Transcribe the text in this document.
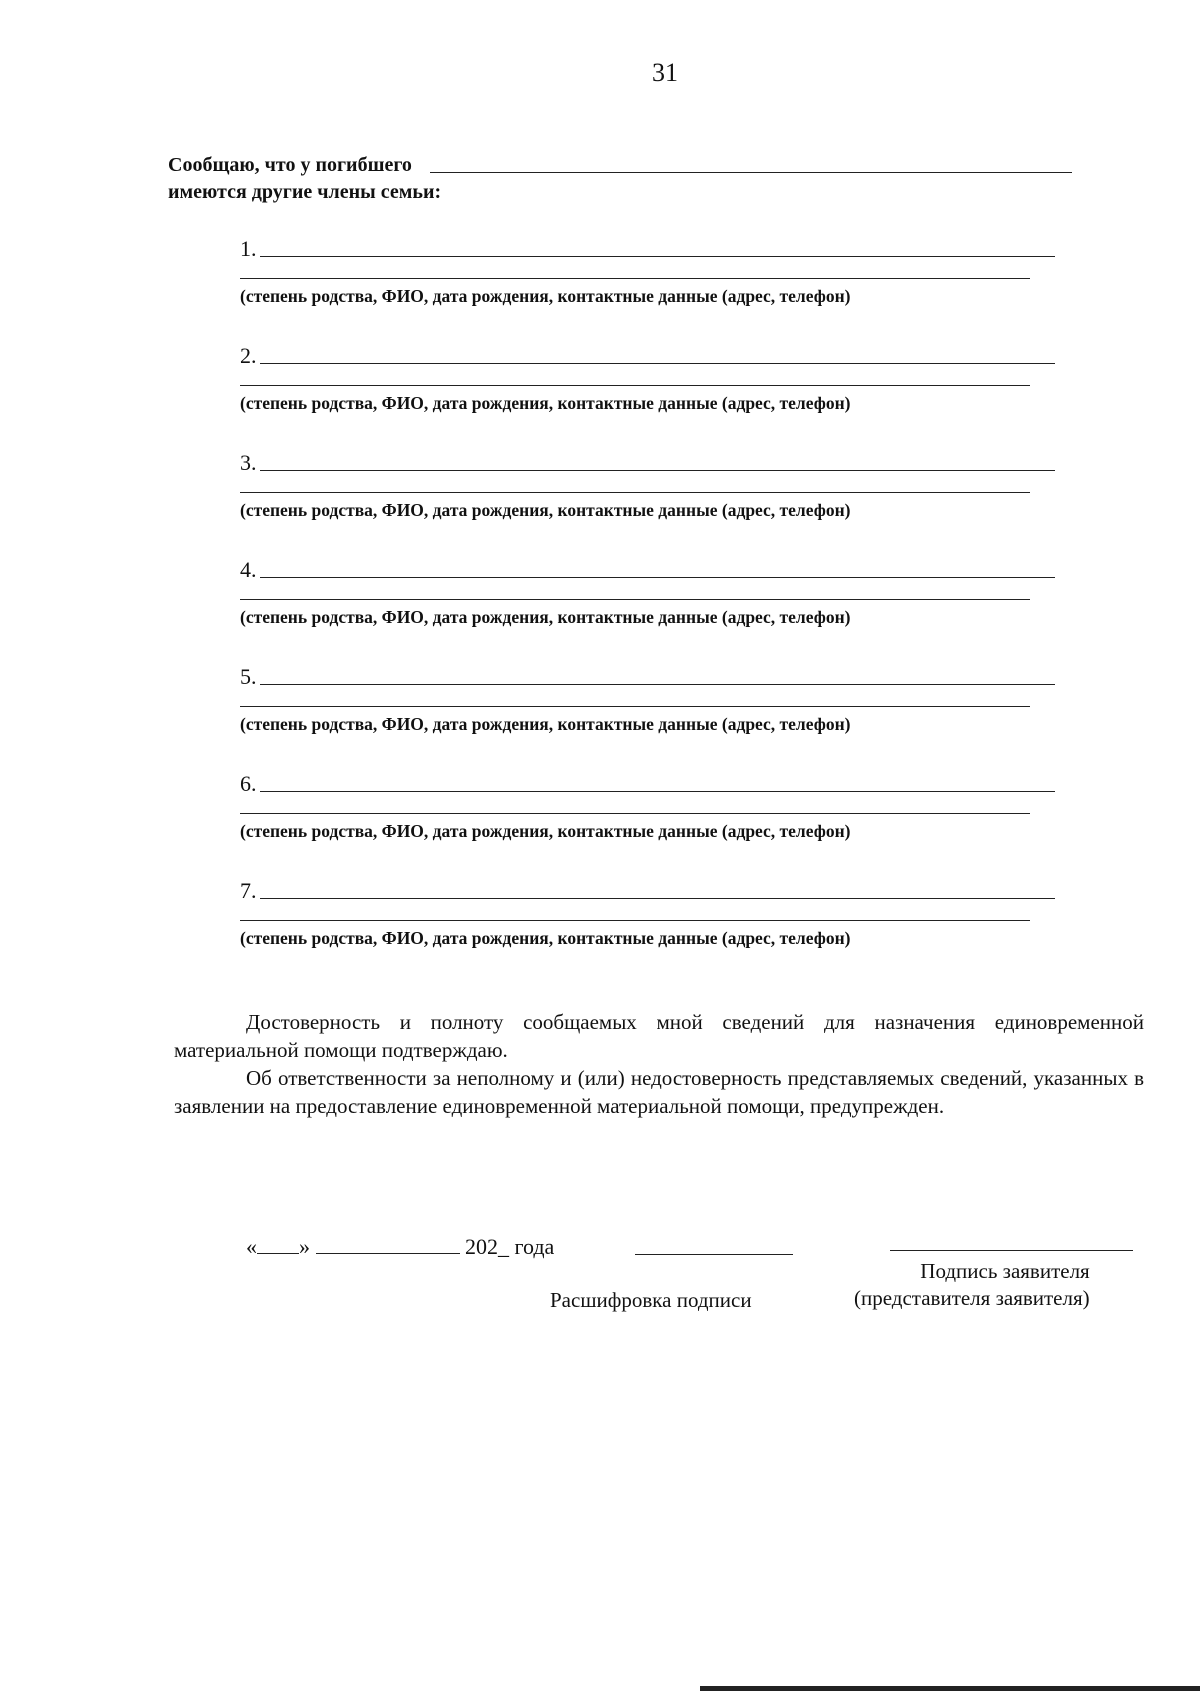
31
Сообщаю, что у погибшего
имеются другие члены семьи:
1.
(степень родства, ФИО, дата рождения, контактные данные (адрес, телефон)
2.
(степень родства, ФИО, дата рождения, контактные данные (адрес, телефон)
3.
(степень родства, ФИО, дата рождения, контактные данные (адрес, телефон)
4.
(степень родства, ФИО, дата рождения, контактные данные (адрес, телефон)
5.
(степень родства, ФИО, дата рождения, контактные данные (адрес, телефон)
6.
(степень родства, ФИО, дата рождения, контактные данные (адрес, телефон)
7.
(степень родства, ФИО, дата рождения, контактные данные (адрес, телефон)

Достоверность и полноту сообщаемых мной сведений для назначения единовременной материальной помощи подтверждаю.

Об ответственности за неполному и (или) недостоверность представляемых сведений, указанных в заявлении на предоставление единовременной материальной помощи, предупрежден.

« »	202_ года
Расшифровка подписи
Подпись заявителя
(представителя заявителя)
